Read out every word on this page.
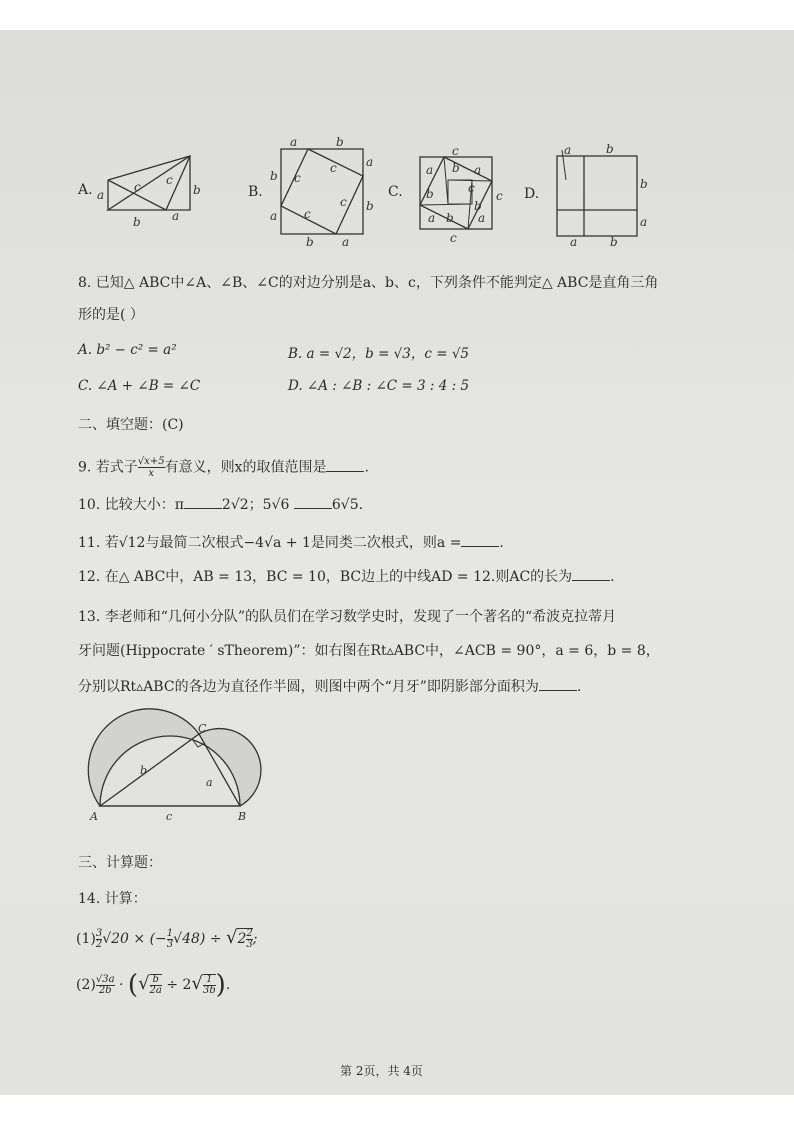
A. a
c c
b
b	a
B.
a	b
a
b
a
b
a
b
c
c
c
c
C.
c
a b
b
a
c
c
a
b
b a
c	D.
a	b
b
a
a	b
8. 已知△ ABC中∠A、∠B、∠C的对边分别是a、b、c，下列条件不能判定△ ABC是直角三角
形的是( ）
A. b² − c² = a²	B. a = √2，b = √3，c = √5
C. ∠A + ∠B = ∠C	D. ∠A : ∠B : ∠C = 3 : 4 : 5
二、填空题：(C)
9. 若式子 $\frac{√x+5}{x}$ 有意义，则x的取值范围是	.
10. 比较大小：π	2√2；5√6	6√5.
11. 若√12与最简二次根式−4√a + 1是同类二次根式，则a =	.
12. 在△ ABC中，AB = 13，BC = 10，BC边上的中线AD = 12.则AC的长为	.
13. 李老师和“几何小分队”的队员们在学习数学史时，发现了一个著名的“希波克拉蒂月
牙问题(Hippocrate ′ sTheorem)”：如右图在Rt▵ABC中，∠ACB = 90°，a = 6，b = 8，
分别以Rt▵ABC的各边为直径作半圆，则图中两个“月牙”即阴影部分面积为	.
A	B
C
a
b
c
三、计算题：
14. 计算：
$(1) \frac{3}{2} √20$ × (− $\frac{1}{3} √48) \div √2 \frac{2}{3}$ ;
$(2) \frac{√3a}{2b}$ · (√ $\frac{b}{2a} \div 2√ \frac{1}{3b}$ ).
第 2页，共 4页
